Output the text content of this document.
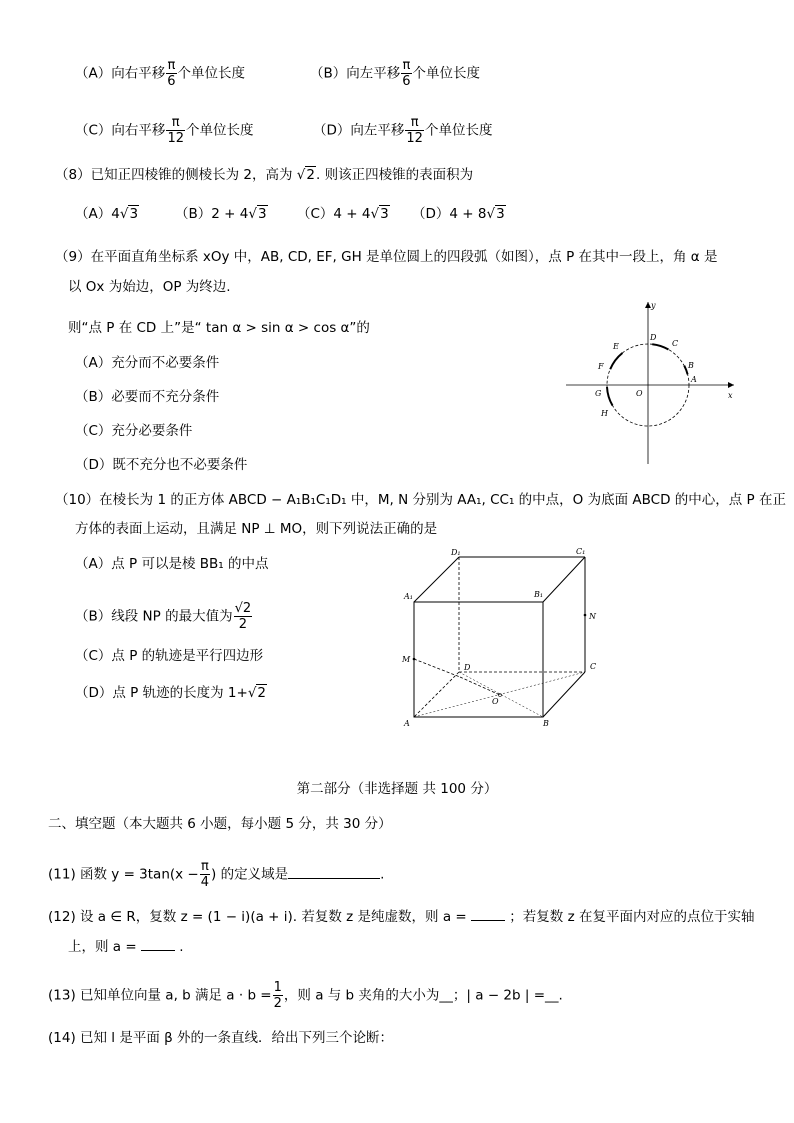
（A）向右平移 $\frac{\pi}{6}$ 个单位长度	（B）向左平移 $\frac{\pi}{6}$ 个单位长度
（C）向右平移 $\frac{\pi}{12}$ 个单位长度	（D）向左平移 $\frac{\pi}{12}$ 个单位长度
（8）已知正四棱锥的侧棱长为 2，高为 √2. 则该正四棱锥的表面积为
（A）4√3	（B）2 + 4√3 （C）4 + 4√3 （D）4 + 8√3
（9）在平面直角坐标系 xOy 中，AB, CD, EF, GH 是单位圆上的四段弧（如图），点 P 在其中一段上，角 α 是
以 Ox 为始边，OP 为终边.
则“点 P 在 CD 上”是“ tan α > sin α > cos α”的
（A）充分而不必要条件
（B）必要而不充分条件
（C）充分必要条件
（D）既不充分也不必要条件
y
x
O
A
B
C
D
E
F
G
H
（10）在棱长为 1 的正方体 ABCD − A₁B₁C₁D₁ 中，M, N 分别为 AA₁, CC₁ 的中点，O 为底面 ABCD 的中心，点 P 在正
方体的表面上运动，且满足 NP ⊥ MO，则下列说法正确的是
（A）点 P 可以是棱 BB₁ 的中点
（B）线段 NP 的最大值为 $\frac{√2}{2}$
（C）点 P 的轨迹是平行四边形
（D）点 P 轨迹的长度为 1+√2
D₁	C₁
A₁	B₁
M
N
D	C
O
A	B
第二部分（非选择题 共 100 分）
二、填空题（本大题共 6 小题，每小题 5 分，共 30 分）
(11) 函数 $y = 3\tan(x - \frac{\pi}{4}$ ) 的定义域是	.
(12) 设 a ∈ R，复数 z = (1 − i)(a + i). 若复数 z 是纯虚数，则 a =	；若复数 z 在复平面内对应的点位于实轴
上，则 a =	.
(13) 已知单位向量 a, b 满足 $a \cdot b = \frac{1}{2}$ ，则 a 与 b 夹角的大小为__；| a − 2b | =__.
(14) 已知 l 是平面 β 外的一条直线．给出下列三个论断：
